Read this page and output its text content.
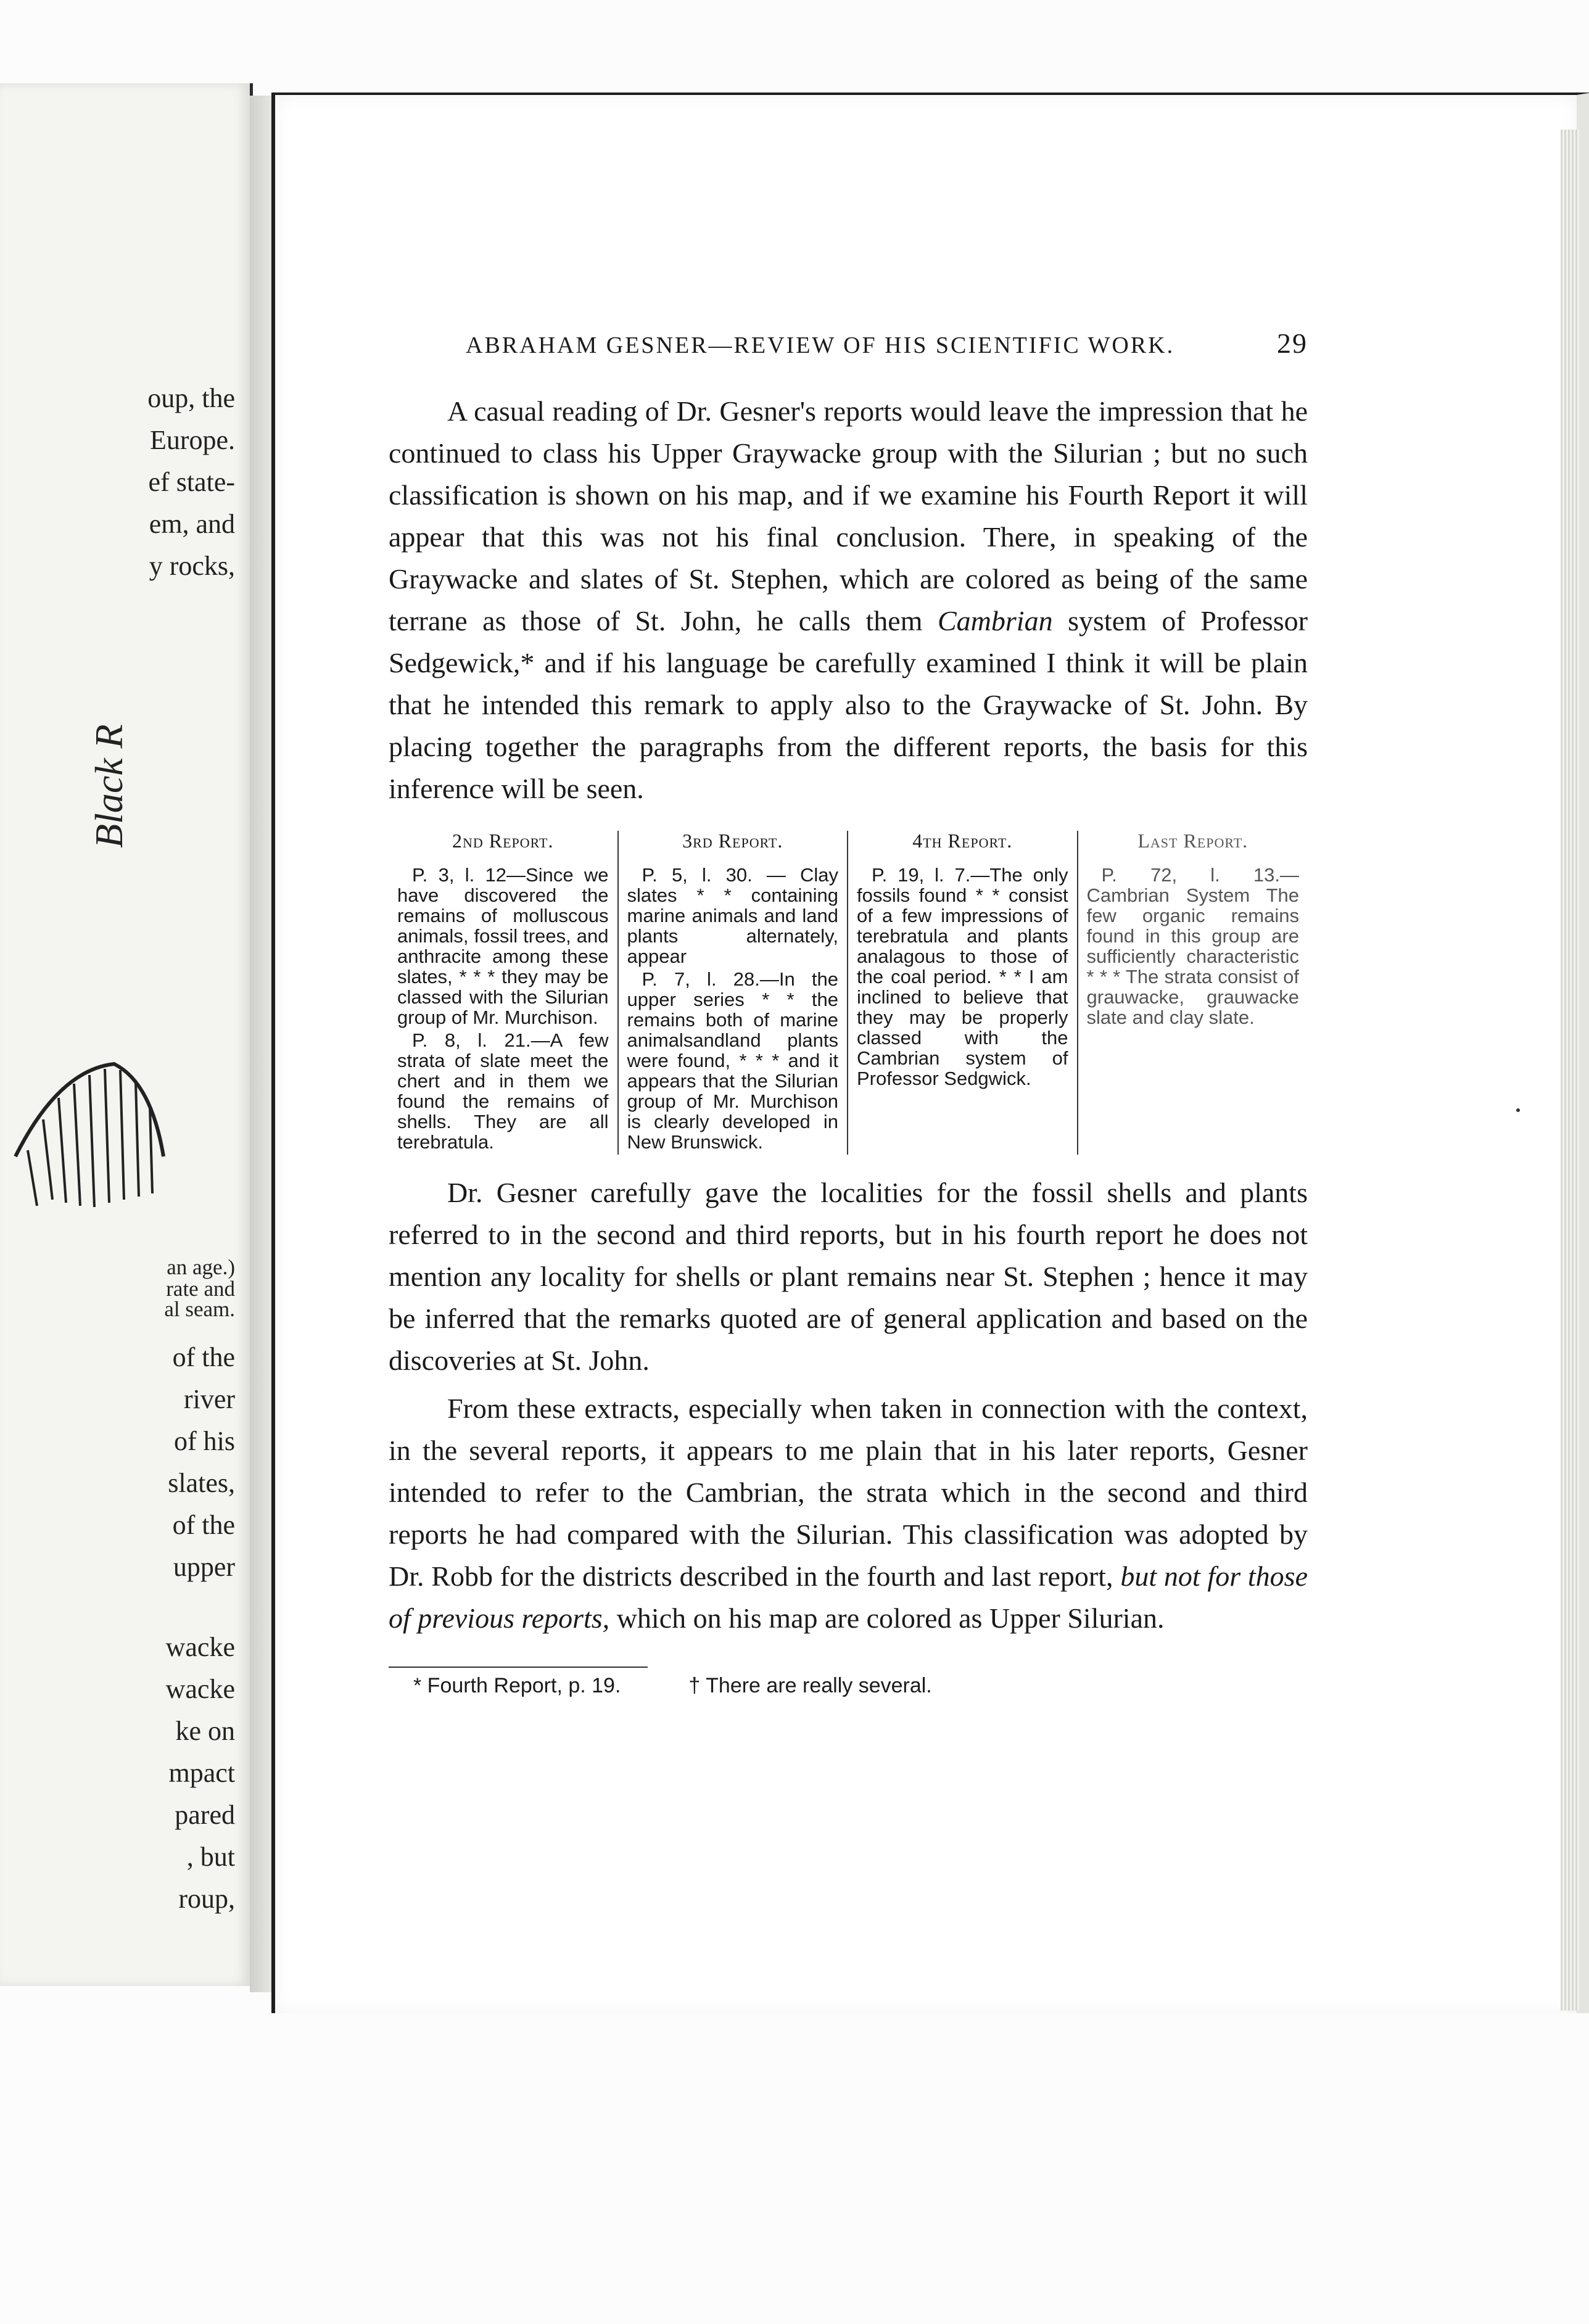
oup, the
Europe.
ef state-
em, and
y rocks,
Black R
an age.)
rate and
al seam.
of the
river
of his
slates,
of the
upper
wacke
wacke
ke on
mpact
pared
, but
roup,
ABRAHAM GESNER—REVIEW OF HIS SCIENTIFIC WORK.	29
A casual reading of Dr. Gesner's reports would leave the impression that he continued to class his Upper Graywacke group with the Silurian ; but no such classification is shown on his map, and if we examine his Fourth Report it will appear that this was not his final conclusion. There, in speaking of the Graywacke and slates of St. Stephen, which are colored as being of the same terrane as those of St. John, he calls them Cambrian system of Professor Sedgewick,* and if his language be carefully examined I think it will be plain that he intended this remark to apply also to the Graywacke of St. John. By placing together the paragraphs from the different reports, the basis for this inference will be seen.
2nd Report.

P. 3, l. 12—Since we have discovered the remains of molluscous animals, fossil trees, and anthracite among these slates, * * * they may be classed with the Silurian group of Mr. Murchison.

P. 8, l. 21.—A few strata of slate meet the chert and in them we found the remains of shells. They are all terebratula.

3rd Report.

P. 5, l. 30. — Clay slates * * containing marine animals and land plants alternately, appear

P. 7, l. 28.—In the upper series * * the remains both of marine animalsandland plants were found, * * * and it appears that the Silurian group of Mr. Murchison is clearly developed in New Brunswick.

4th Report.

P. 19, l. 7.—The only fossils found * * consist of a few impressions of terebratula and plants analagous to those of the coal period. * * I am inclined to believe that they may be properly classed with the Cambrian system of Professor Sedgwick.

Last Report.

P. 72, l. 13.— Cambrian System The few organic remains found in this group are sufficiently characteristic * * * The strata consist of grauwacke, grauwacke slate and clay slate.

Dr. Gesner carefully gave the localities for the fossil shells and plants referred to in the second and third reports, but in his fourth report he does not mention any locality for shells or plant remains near St. Stephen ; hence it may be inferred that the remarks quoted are of general application and based on the discoveries at St. John.

From these extracts, especially when taken in connection with the context, in the several reports, it appears to me plain that in his later reports, Gesner intended to refer to the Cambrian, the strata which in the second and third reports he had compared with the Silurian. This classification was adopted by Dr. Robb for the districts described in the fourth and last report, but not for those of previous reports, which on his map are colored as Upper Silurian.
* Fourth Report, p. 19.	† There are really several.
